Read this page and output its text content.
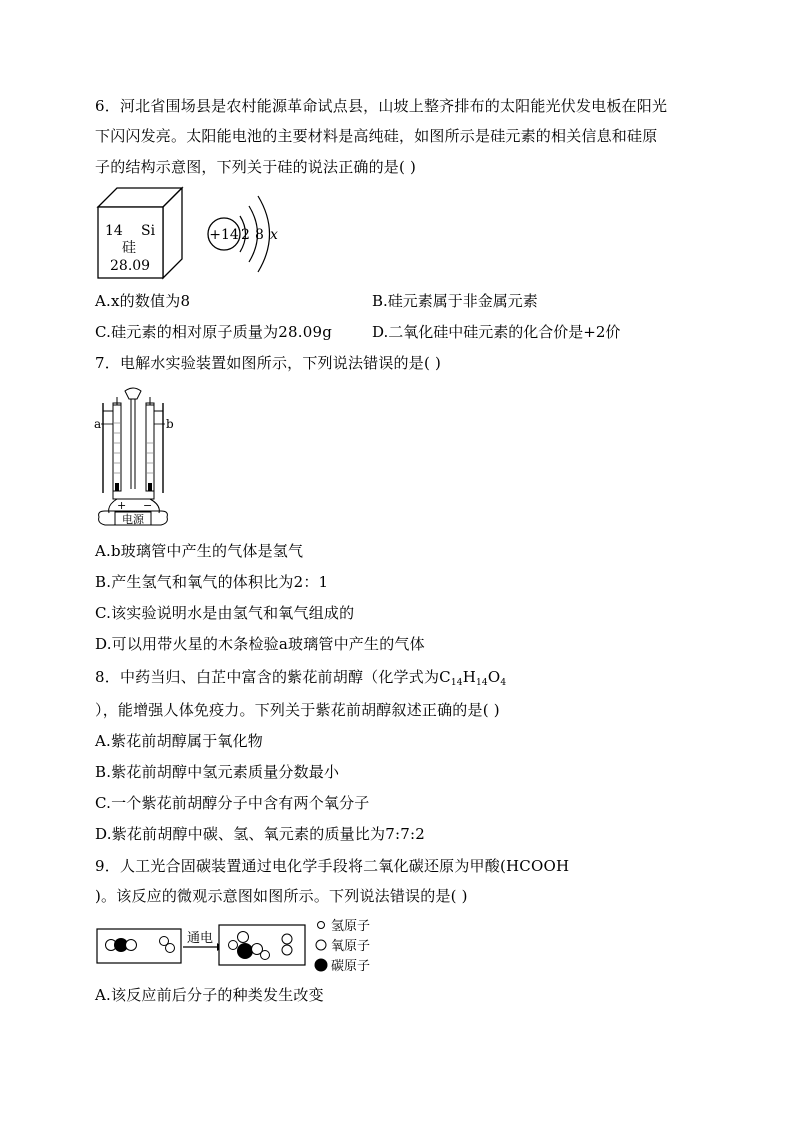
6．河北省围场县是农村能源革命试点县，山坡上整齐排布的太阳能光伏发电板在阳光
下闪闪发亮。太阳能电池的主要材料是高纯硅，如图所示是硅元素的相关信息和硅原
子的结构示意图，下列关于硅的说法正确的是( )
14 Si
硅
28.09
+14 2 8 x
A.x的数值为8	B.硅元素属于非金属元素
C.硅元素的相对原子质量为28.09g	D.二氧化硅中硅元素的化合价是+2价
7．电解水实验装置如图所示，下列说法错误的是( )
a	b
+ −
电源
A.b玻璃管中产生的气体是氢气
B.产生氢气和氧气的体积比为2：1
C.该实验说明水是由氢气和氧气组成的
D.可以用带火星的木条检验a玻璃管中产生的气体
8．中药当归、白芷中富含的紫花前胡醇（化学式为$C_{14}H_{14}O_4$
），能增强人体免疫力。下列关于紫花前胡醇叙述正确的是( )
A.紫花前胡醇属于氧化物
B.紫花前胡醇中氢元素质量分数最小
C.一个紫花前胡醇分子中含有两个氧分子
D.紫花前胡醇中碳、氢、氧元素的质量比为7:7:2
9．人工光合固碳装置通过电化学手段将二氧化碳还原为甲酸(HCOOH
)。该反应的微观示意图如图所示。下列说法错误的是( )
通电
氢原子
氧原子
碳原子
A.该反应前后分子的种类发生改变
